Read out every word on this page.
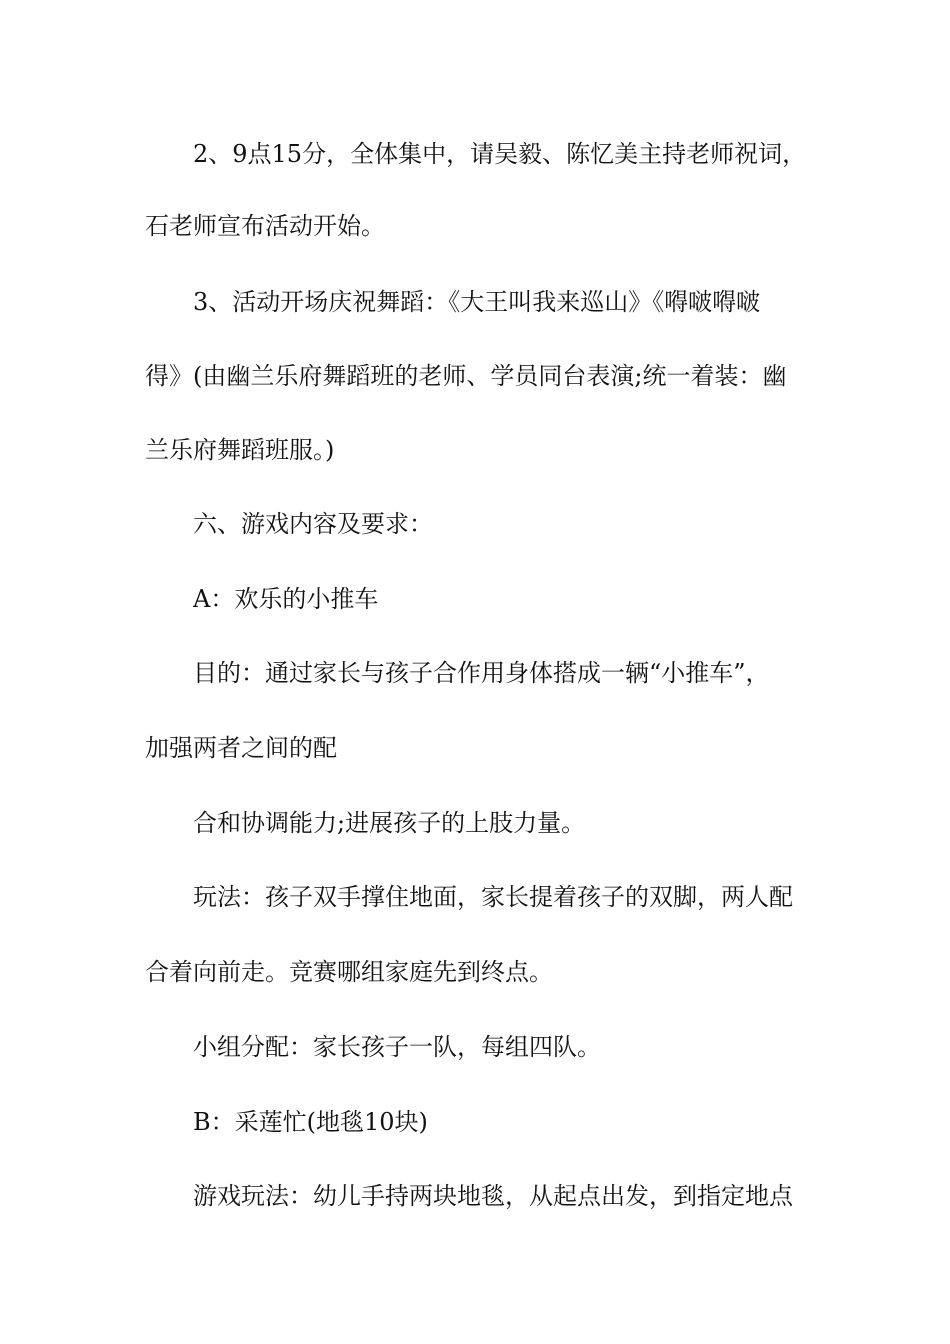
2、9点15分，全体集中，请吴毅、陈忆美主持老师祝词，
石老师宣布活动开始。
3、活动开场庆祝舞蹈：《大王叫我来巡山》《嘚啵嘚啵
得》(由幽兰乐府舞蹈班的老师、学员同台表演;统一着装：幽
兰乐府舞蹈班服。)
六、游戏内容及要求：
A：欢乐的小推车
目的：通过家长与孩子合作用身体搭成一辆“小推车”，
加强两者之间的配
合和协调能力;进展孩子的上肢力量。
玩法：孩子双手撑住地面，家长提着孩子的双脚，两人配
合着向前走。竞赛哪组家庭先到终点。
小组分配：家长孩子一队，每组四队。
B：采莲忙(地毯10块)
游戏玩法：幼儿手持两块地毯，从起点出发，到指定地点
